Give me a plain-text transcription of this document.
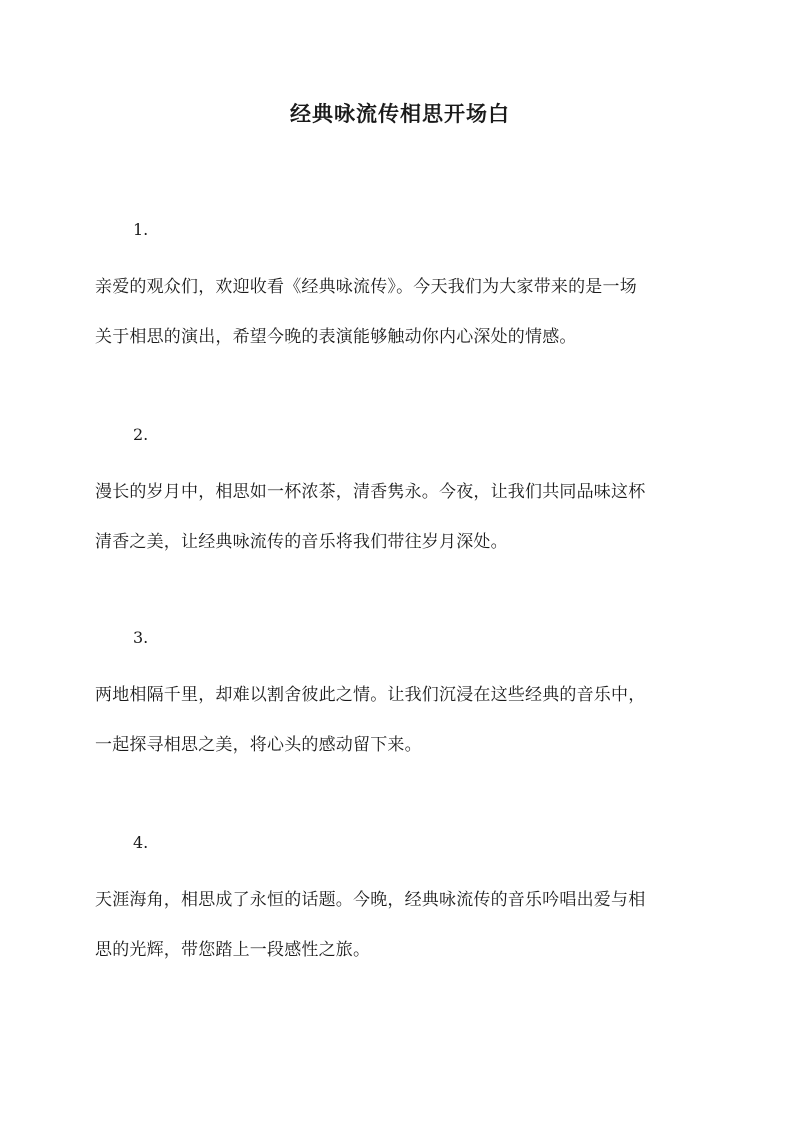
经典咏流传相思开场白
1.
亲爱的观众们，欢迎收看《经典咏流传》。今天我们为大家带来的是一场
关于相思的演出，希望今晚的表演能够触动你内心深处的情感。
2.
漫长的岁月中，相思如一杯浓茶，清香隽永。今夜，让我们共同品味这杯
清香之美，让经典咏流传的音乐将我们带往岁月深处。
3.
两地相隔千里，却难以割舍彼此之情。让我们沉浸在这些经典的音乐中，
一起探寻相思之美，将心头的感动留下来。
4.
天涯海角，相思成了永恒的话题。今晚，经典咏流传的音乐吟唱出爱与相
思的光辉，带您踏上一段感性之旅。
